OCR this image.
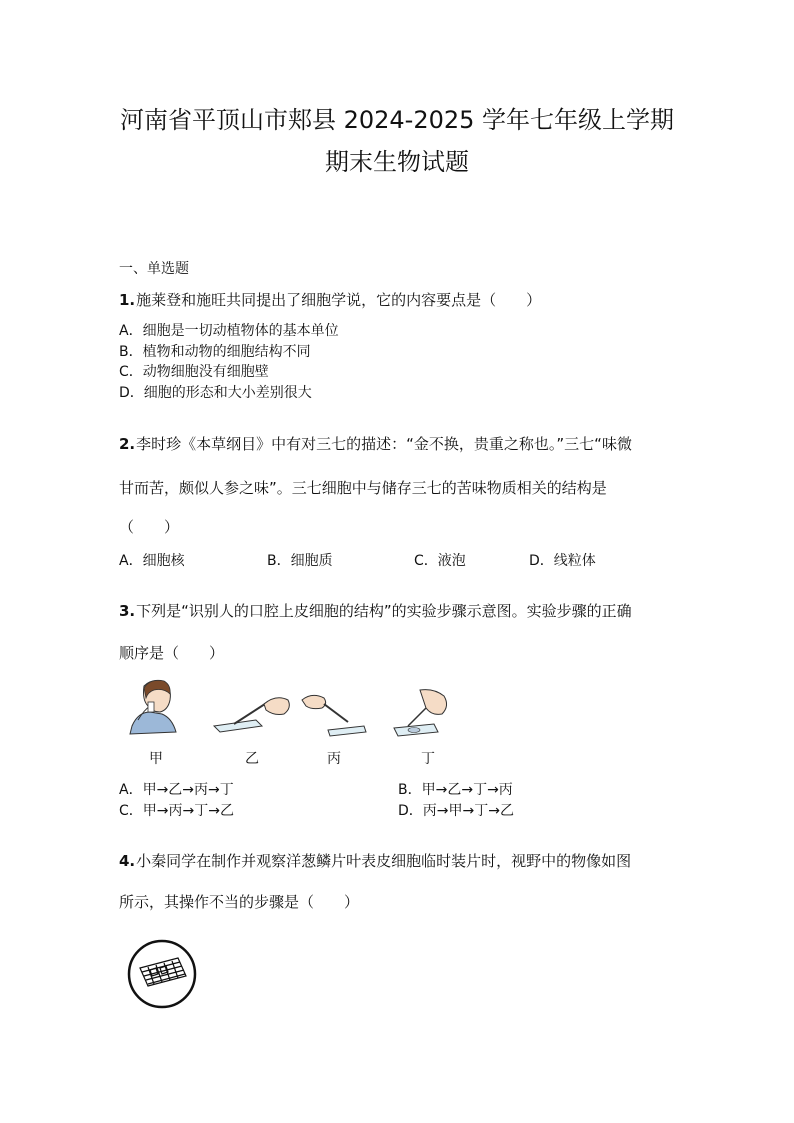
河南省平顶山市郏县 2024-2025 学年七年级上学期
期末生物试题
一、单选题
1.施莱登和施旺共同提出了细胞学说，它的内容要点是（　　）
A．细胞是一切动植物体的基本单位
B．植物和动物的细胞结构不同
C．动物细胞没有细胞壁
D．细胞的形态和大小差别很大
2.李时珍《本草纲目》中有对三七的描述：“金不换，贵重之称也。”三七“味微
甘而苦，颇似人参之味”。三七细胞中与储存三七的苦味物质相关的结构是
（　　）
A．细胞核	B．细胞质	C．液泡	D．线粒体
3.下列是“识别人的口腔上皮细胞的结构”的实验步骤示意图。实验步骤的正确
顺序是（　　）
甲	乙	丙	丁
A．甲→乙→丙→丁	B．甲→乙→丁→丙
C．甲→丙→丁→乙	D．丙→甲→丁→乙
4.小秦同学在制作并观察洋葱鳞片叶表皮细胞临时装片时，视野中的物像如图
所示，其操作不当的步骤是（　　）
